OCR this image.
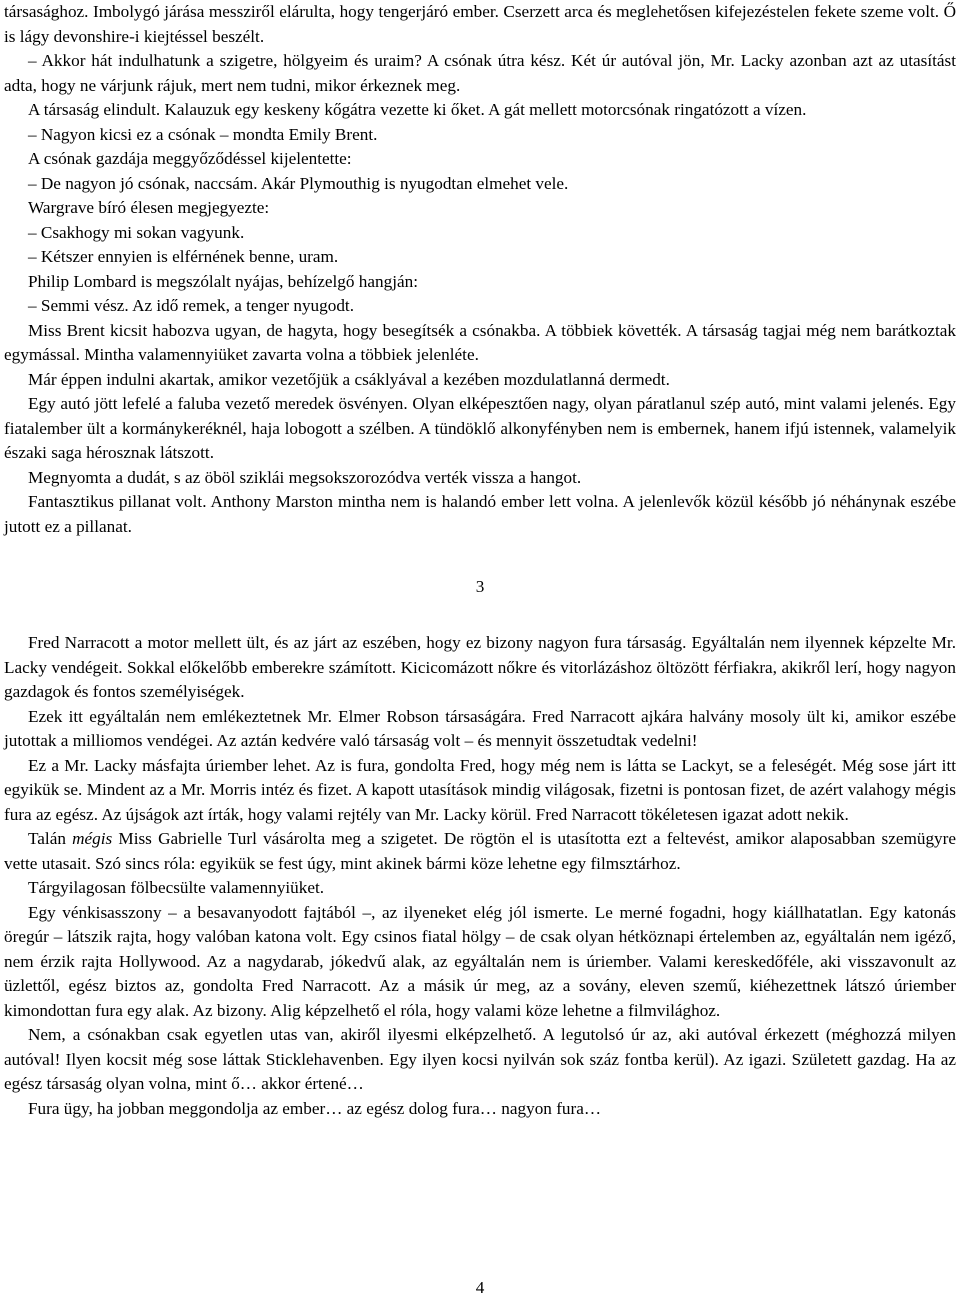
társasághoz. Imbolygó járása messziről elárulta, hogy tengerjáró ember. Cserzett arca és meglehetősen kifejezéstelen fekete szeme volt. Ő is lágy devonshire-i kiejtéssel beszélt.

– Akkor hát indulhatunk a szigetre, hölgyeim és uraim? A csónak útra kész. Két úr autóval jön, Mr. Lacky azonban azt az utasítást adta, hogy ne várjunk rájuk, mert nem tudni, mikor érkeznek meg.

A társaság elindult. Kalauzuk egy keskeny kőgátra vezette ki őket. A gát mellett motorcsónak ringatózott a vízen.

– Nagyon kicsi ez a csónak – mondta Emily Brent.

A csónak gazdája meggyőződéssel kijelentette:

– De nagyon jó csónak, naccsám. Akár Plymouthig is nyugodtan elmehet vele.

Wargrave bíró élesen megjegyezte:

– Csakhogy mi sokan vagyunk.

– Kétszer ennyien is elférnének benne, uram.

Philip Lombard is megszólalt nyájas, behízelgő hangján:

– Semmi vész. Az idő remek, a tenger nyugodt.

Miss Brent kicsit habozva ugyan, de hagyta, hogy besegítsék a csónakba. A többiek követték. A társaság tagjai még nem barátkoztak egymással. Mintha valamennyiüket zavarta volna a többiek jelenléte.

Már éppen indulni akartak, amikor vezetőjük a csáklyával a kezében mozdulatlanná dermedt.

Egy autó jött lefelé a faluba vezető meredek ösvényen. Olyan elképesztően nagy, olyan páratlanul szép autó, mint valami jelenés. Egy fiatalember ült a kormánykeréknél, haja lobogott a szélben. A tündöklő alkonyfényben nem is embernek, hanem ifjú istennek, valamelyik északi saga hérosznak látszott.

Megnyomta a dudát, s az öböl sziklái megsokszorozódva verték vissza a hangot.

Fantasztikus pillanat volt. Anthony Marston mintha nem is halandó ember lett volna. A jelenlevők közül később jó néhánynak eszébe jutott ez a pillanat.

3

Fred Narracott a motor mellett ült, és az járt az eszében, hogy ez bizony nagyon fura társaság. Egyáltalán nem ilyennek képzelte Mr. Lacky vendégeit. Sokkal előkelőbb emberekre számított. Kicicomázott nőkre és vitorlázáshoz öltözött férfiakra, akikről lerí, hogy nagyon gazdagok és fontos személyiségek.

Ezek itt egyáltalán nem emlékeztetnek Mr. Elmer Robson társaságára. Fred Narracott ajkára halvány mosoly ült ki, amikor eszébe jutottak a milliomos vendégei. Az aztán kedvére való társaság volt – és mennyit összetudtak vedelni!

Ez a Mr. Lacky másfajta úriember lehet. Az is fura, gondolta Fred, hogy még nem is látta se Lackyt, se a feleségét. Még sose járt itt egyikük se. Mindent az a Mr. Morris intéz és fizet. A kapott utasítások mindig világosak, fizetni is pontosan fizet, de azért valahogy mégis fura az egész. Az újságok azt írták, hogy valami rejtély van Mr. Lacky körül. Fred Narracott tökéletesen igazat adott nekik.

Talán mégis Miss Gabrielle Turl vásárolta meg a szigetet. De rögtön el is utasította ezt a feltevést, amikor alaposabban szemügyre vette utasait. Szó sincs róla: egyikük se fest úgy, mint akinek bármi köze lehetne egy filmsztárhoz.

Tárgyilagosan fölbecsülte valamennyiüket.

Egy vénkisasszony – a besavanyodott fajtából –, az ilyeneket elég jól ismerte. Le merné fogadni, hogy kiállhatatlan. Egy katonás öregúr – látszik rajta, hogy valóban katona volt. Egy csinos fiatal hölgy – de csak olyan hétköznapi értelemben az, egyáltalán nem igéző, nem érzik rajta Hollywood. Az a nagydarab, jókedvű alak, az egyáltalán nem is úriember. Valami kereskedőféle, aki visszavonult az üzlettől, egész biztos az, gondolta Fred Narracott. Az a másik úr meg, az a sovány, eleven szemű, kiéhezettnek látszó úriember kimondottan fura egy alak. Az bizony. Alig képzelhető el róla, hogy valami köze lehetne a filmvilághoz.

Nem, a csónakban csak egyetlen utas van, akiről ilyesmi elképzelhető. A legutolsó úr az, aki autóval érkezett (méghozzá milyen autóval! Ilyen kocsit még sose láttak Sticklehavenben. Egy ilyen kocsi nyilván sok száz fontba kerül). Az igazi. Született gazdag. Ha az egész társaság olyan volna, mint ő… akkor értené…

Fura ügy, ha jobban meggondolja az ember… az egész dolog fura… nagyon fura…

4
